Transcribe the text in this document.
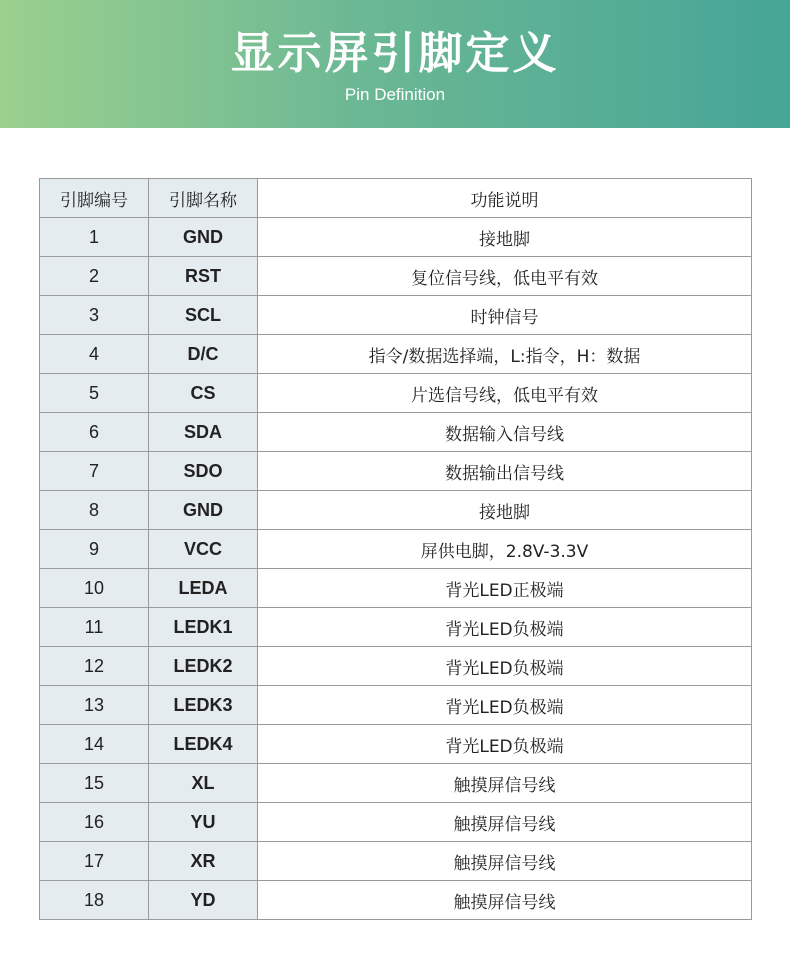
显示屏引脚定义
Pin Definition
引脚编号	引脚名称	功能说明
1	GND	接地脚
2	RST	复位信号线，低电平有效
3	SCL	时钟信号
4	D/C	指令/数据选择端，L:指令，H：数据
5	CS	片选信号线，低电平有效
6	SDA	数据输入信号线
7	SDO	数据输出信号线
8	GND	接地脚
9	VCC	屏供电脚，2.8V-3.3V
10	LEDA	背光LED正极端
11	LEDK1	背光LED负极端
12	LEDK2	背光LED负极端
13	LEDK3	背光LED负极端
14	LEDK4	背光LED负极端
15	XL	触摸屏信号线
16	YU	触摸屏信号线
17	XR	触摸屏信号线
18	YD	触摸屏信号线
